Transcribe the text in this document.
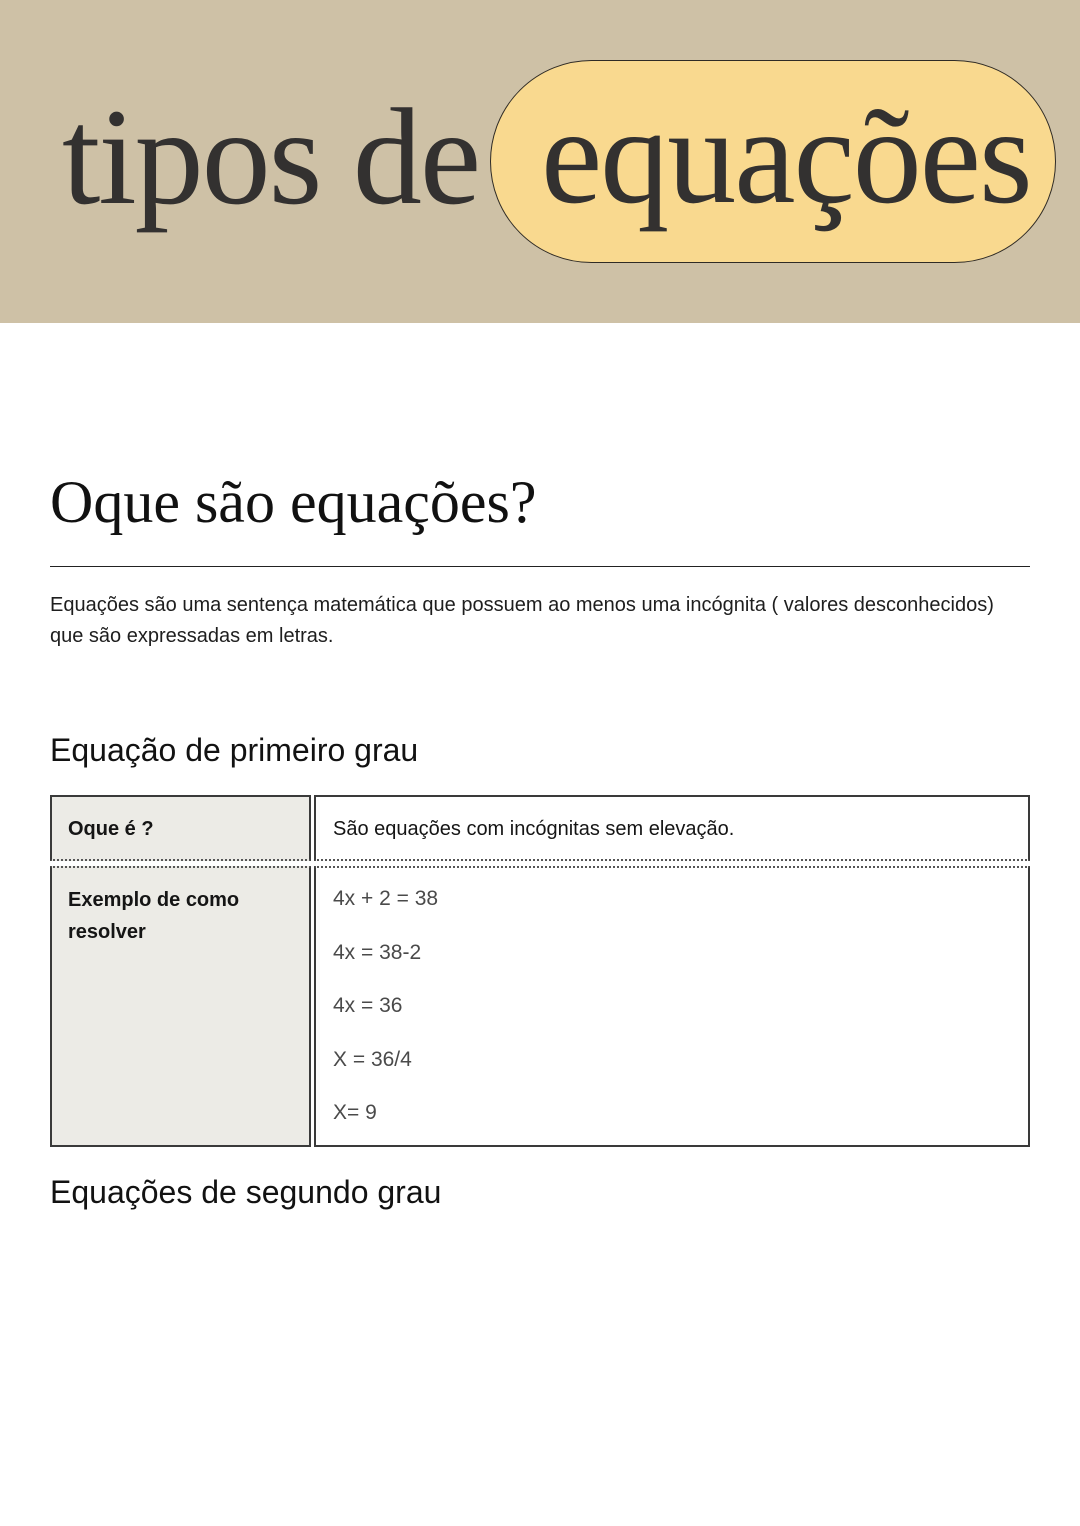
tipos de equações
Oque são equações?

Equações são uma sentença matemática que possuem ao menos uma incógnita ( valores desconhecidos) que são expressadas em letras.

Equação de primeiro grau
Oque é ?	São equações com incógnitas sem elevação.
Exemplo de como resolver
4x + 2 = 38
4x = 38-2
4x = 36
X = 36/4
X= 9
Equações de segundo grau
